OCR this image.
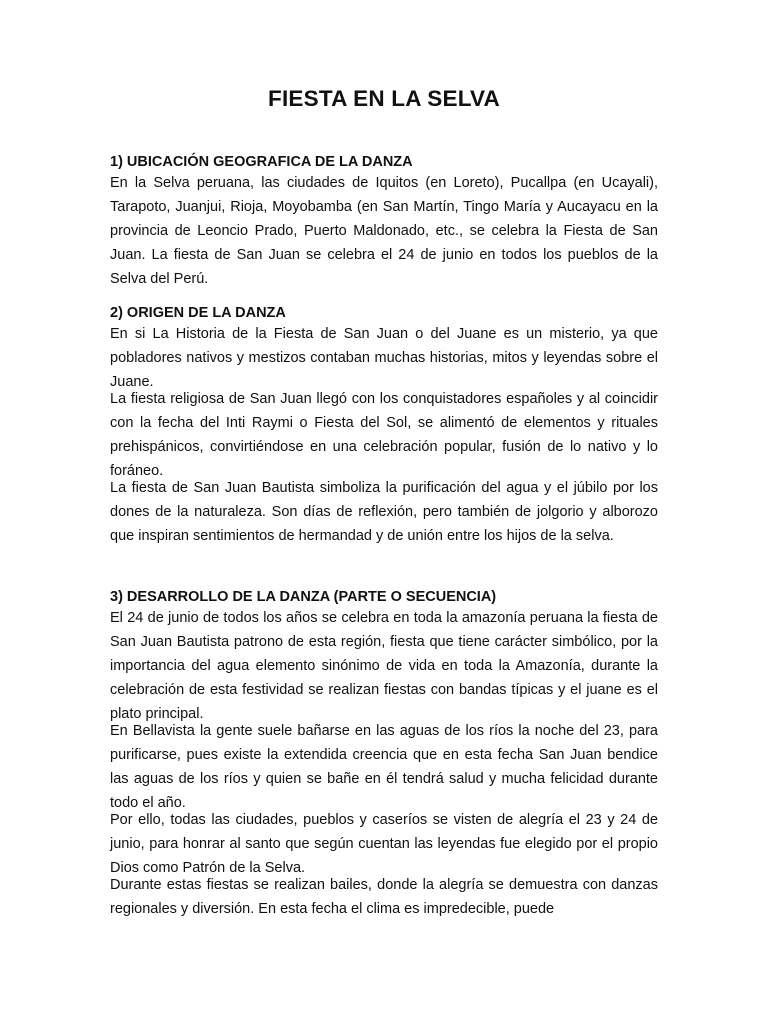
FIESTA EN LA SELVA

1) UBICACIÓN GEOGRAFICA DE LA DANZA

En la Selva peruana, las ciudades de Iquitos (en Loreto), Pucallpa (en Ucayali), Tarapoto, Juanjui, Rioja, Moyobamba (en San Martín, Tingo María y Aucayacu en la provincia de Leoncio Prado, Puerto Maldonado, etc., se celebra la Fiesta de San Juan. La fiesta de San Juan se celebra el 24 de junio en todos los pueblos de la Selva del Perú.

2) ORIGEN DE LA DANZA

En si La Historia de la Fiesta de San Juan o del Juane es un misterio, ya que pobladores nativos y mestizos contaban muchas historias, mitos y leyendas sobre el Juane.

La fiesta religiosa de San Juan llegó con los conquistadores españoles y al coincidir con la fecha del Inti Raymi o Fiesta del Sol, se alimentó de elementos y rituales prehispánicos, convirtiéndose en una celebración popular, fusión de lo nativo y lo foráneo.

La fiesta de San Juan Bautista simboliza la purificación del agua y el júbilo por los dones de la naturaleza. Son días de reflexión, pero también de jolgorio y alborozo que inspiran sentimientos de hermandad y de unión entre los hijos de la selva.

3) DESARROLLO DE LA DANZA (PARTE O SECUENCIA)

El 24 de junio de todos los años se celebra en toda la amazonía peruana la fiesta de San Juan Bautista patrono de esta región, fiesta que tiene carácter simbólico, por la importancia del agua elemento sinónimo de vida en toda la Amazonía, durante la celebración de esta festividad se realizan fiestas con bandas típicas y el juane es el plato principal.

En Bellavista la gente suele bañarse en las aguas de los ríos la noche del 23, para purificarse, pues existe la extendida creencia que en esta fecha San Juan bendice las aguas de los ríos y quien se bañe en él tendrá salud y mucha felicidad durante todo el año.

Por ello, todas las ciudades, pueblos y caseríos se visten de alegría el 23 y 24 de junio, para honrar al santo que según cuentan las leyendas fue elegido por el propio Dios como Patrón de la Selva.

Durante estas fiestas se realizan bailes, donde la alegría se demuestra con danzas regionales y diversión. En esta fecha el clima es impredecible, puede
